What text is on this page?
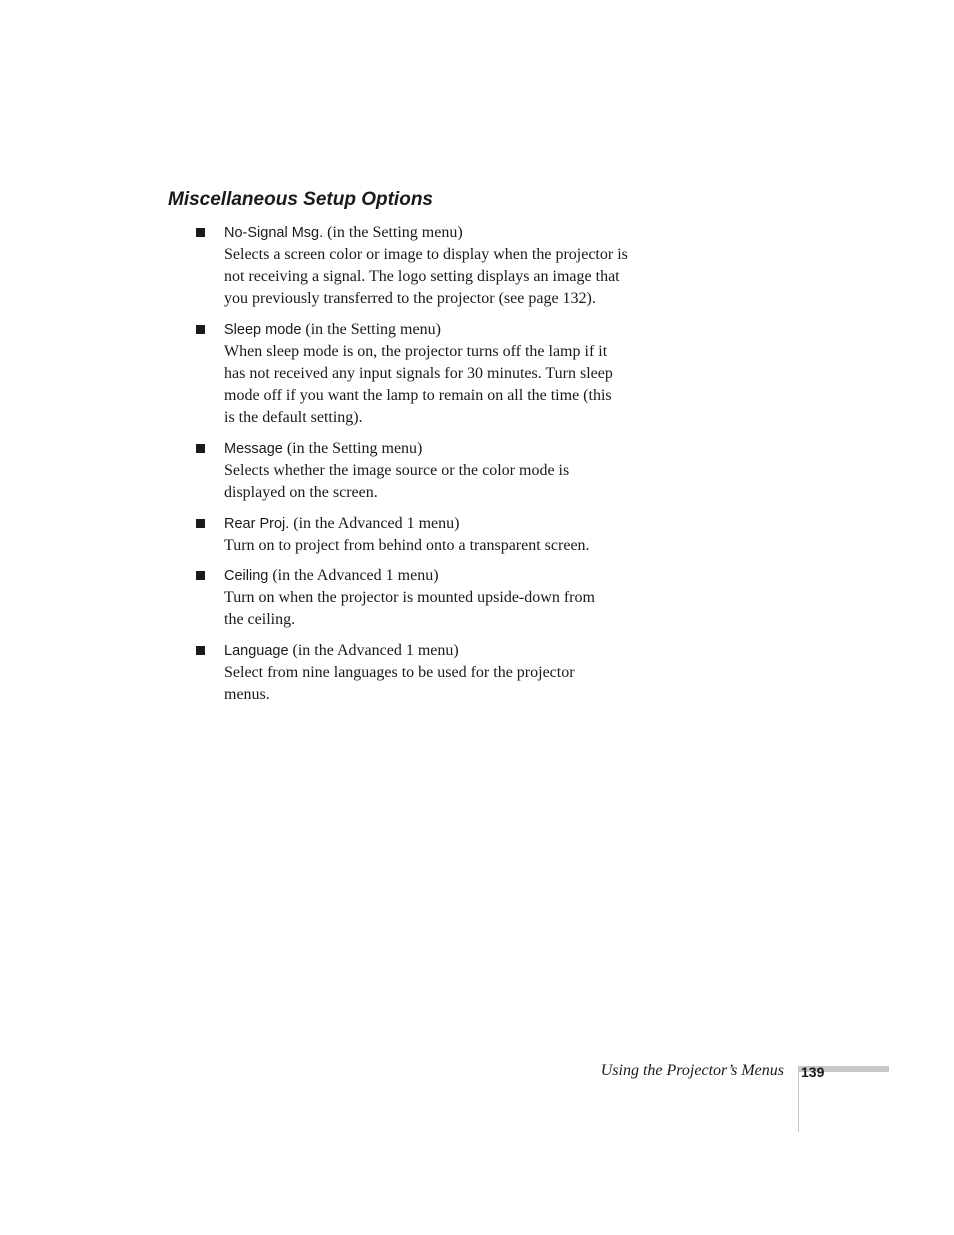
Miscellaneous Setup Options
No-Signal Msg. (in the Setting menu)
Selects a screen color or image to display when the projector is
not receiving a signal. The logo setting displays an image that
you previously transferred to the projector (see page 132).
Sleep mode (in the Setting menu)
When sleep mode is on, the projector turns off the lamp if it
has not received any input signals for 30 minutes. Turn sleep
mode off if you want the lamp to remain on all the time (this
is the default setting).
Message (in the Setting menu)
Selects whether the image source or the color mode is
displayed on the screen.
Rear Proj. (in the Advanced 1 menu)
Turn on to project from behind onto a transparent screen.
Ceiling (in the Advanced 1 menu)
Turn on when the projector is mounted upside-down from
the ceiling.
Language (in the Advanced 1 menu)
Select from nine languages to be used for the projector
menus.
Using the Projector’s Menus 139
